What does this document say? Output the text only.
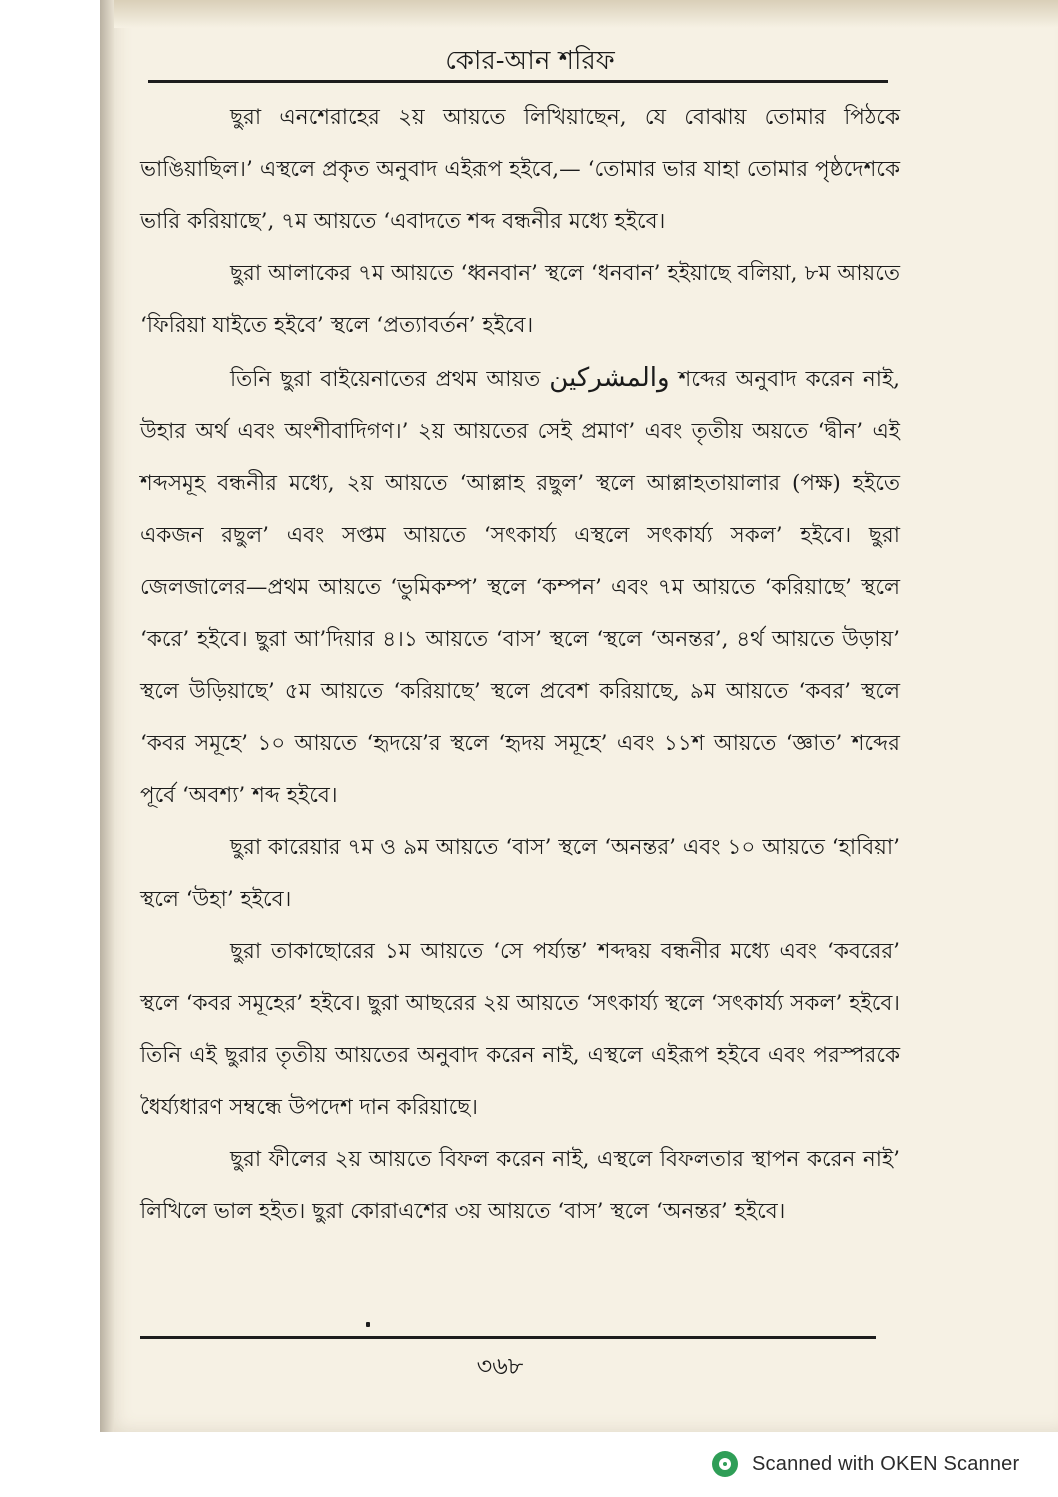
কোর-আন শরিফ

ছুরা এনশেরাহের ২য় আয়তে লিখিয়াছেন, যে বোঝায় তোমার পিঠকে ভাঙিয়াছিল।’ এস্থলে প্রকৃত অনুবাদ এইরূপ হইবে,— ‘তোমার ভার যাহা তোমার পৃষ্ঠদেশকে ভারি করিয়াছে’, ৭ম আয়তে ‘এবাদতে শব্দ বন্ধনীর মধ্যে হইবে।

ছুরা আলাকের ৭ম আয়তে ‘ধ্বনবান’ স্থলে ‘ধনবান’ হইয়াছে বলিয়া, ৮ম আয়তে ‘ফিরিয়া যাইতে হইবে’ স্থলে ‘প্রত্যাবর্তন’ হইবে।

তিনি ছুরা বাইয়েনাতের প্রথম আয়ত والمشركين শব্দের অনুবাদ করেন নাই, উহার অর্থ এবং অংশীবাদিগণ।’ ২য় আয়তের সেই প্রমাণ’ এবং তৃতীয় অয়তে ‘দ্বীন’ এই শব্দসমূহ বন্ধনীর মধ্যে, ২য় আয়তে ‘আল্লাহ রছুল’ স্থলে আল্লাহতায়ালার (পক্ষ) হইতে একজন রছুল’ এবং সপ্তম আয়তে ‘সৎকার্য্য এস্থলে সৎকার্য্য সকল’ হইবে। ছুরা জেলজালের—প্রথম আয়তে ‘ভুমিকম্প’ স্থলে ‘কম্পন’ এবং ৭ম আয়তে ‘করিয়াছে’ স্থলে ‘করে’ হইবে। ছুরা আ’দিয়ার ৪।১ আয়তে ‘বাস’ স্থলে ‘স্থলে ‘অনন্তর’, ৪র্থ আয়তে উড়ায়’ স্থলে উড়িয়াছে’ ৫ম আয়তে ‘করিয়াছে’ স্থলে প্রবেশ করিয়াছে, ৯ম আয়তে ‘কবর’ স্থলে ‘কবর সমূহে’ ১০ আয়তে ‘হৃদয়ে’র স্থলে ‘হৃদয় সমূহে’ এবং ১১শ আয়তে ‘জ্ঞাত’ শব্দের পূর্বে ‘অবশ্য’ শব্দ হইবে।

ছুরা কারেয়ার ৭ম ও ৯ম আয়তে ‘বাস’ স্থলে ‘অনন্তর’ এবং ১০ আয়তে ‘হাবিয়া’ স্থলে ‘উহা’ হইবে।

ছুরা তাকাছোরের ১ম আয়তে ‘সে পর্য্যন্ত’ শব্দদ্বয় বন্ধনীর মধ্যে এবং ‘কবরের’ স্থলে ‘কবর সমূহের’ হইবে। ছুরা আছরের ২য় আয়তে ‘সৎকার্য্য স্থলে ‘সৎকার্য্য সকল’ হইবে। তিনি এই ছুরার তৃতীয় আয়তের অনুবাদ করেন নাই, এস্থলে এইরূপ হইবে এবং পরস্পরকে ধৈর্য্যধারণ সম্বন্ধে উপদেশ দান করিয়াছে।

ছুরা ফীলের ২য় আয়তে বিফল করেন নাই, এস্থলে বিফলতার স্থাপন করেন নাই’ লিখিলে ভাল হইত। ছুরা কোরাএশের ৩য় আয়তে ‘বাস’ স্থলে ‘অনন্তর’ হইবে।

৩৬৮
Scanned with OKEN Scanner
